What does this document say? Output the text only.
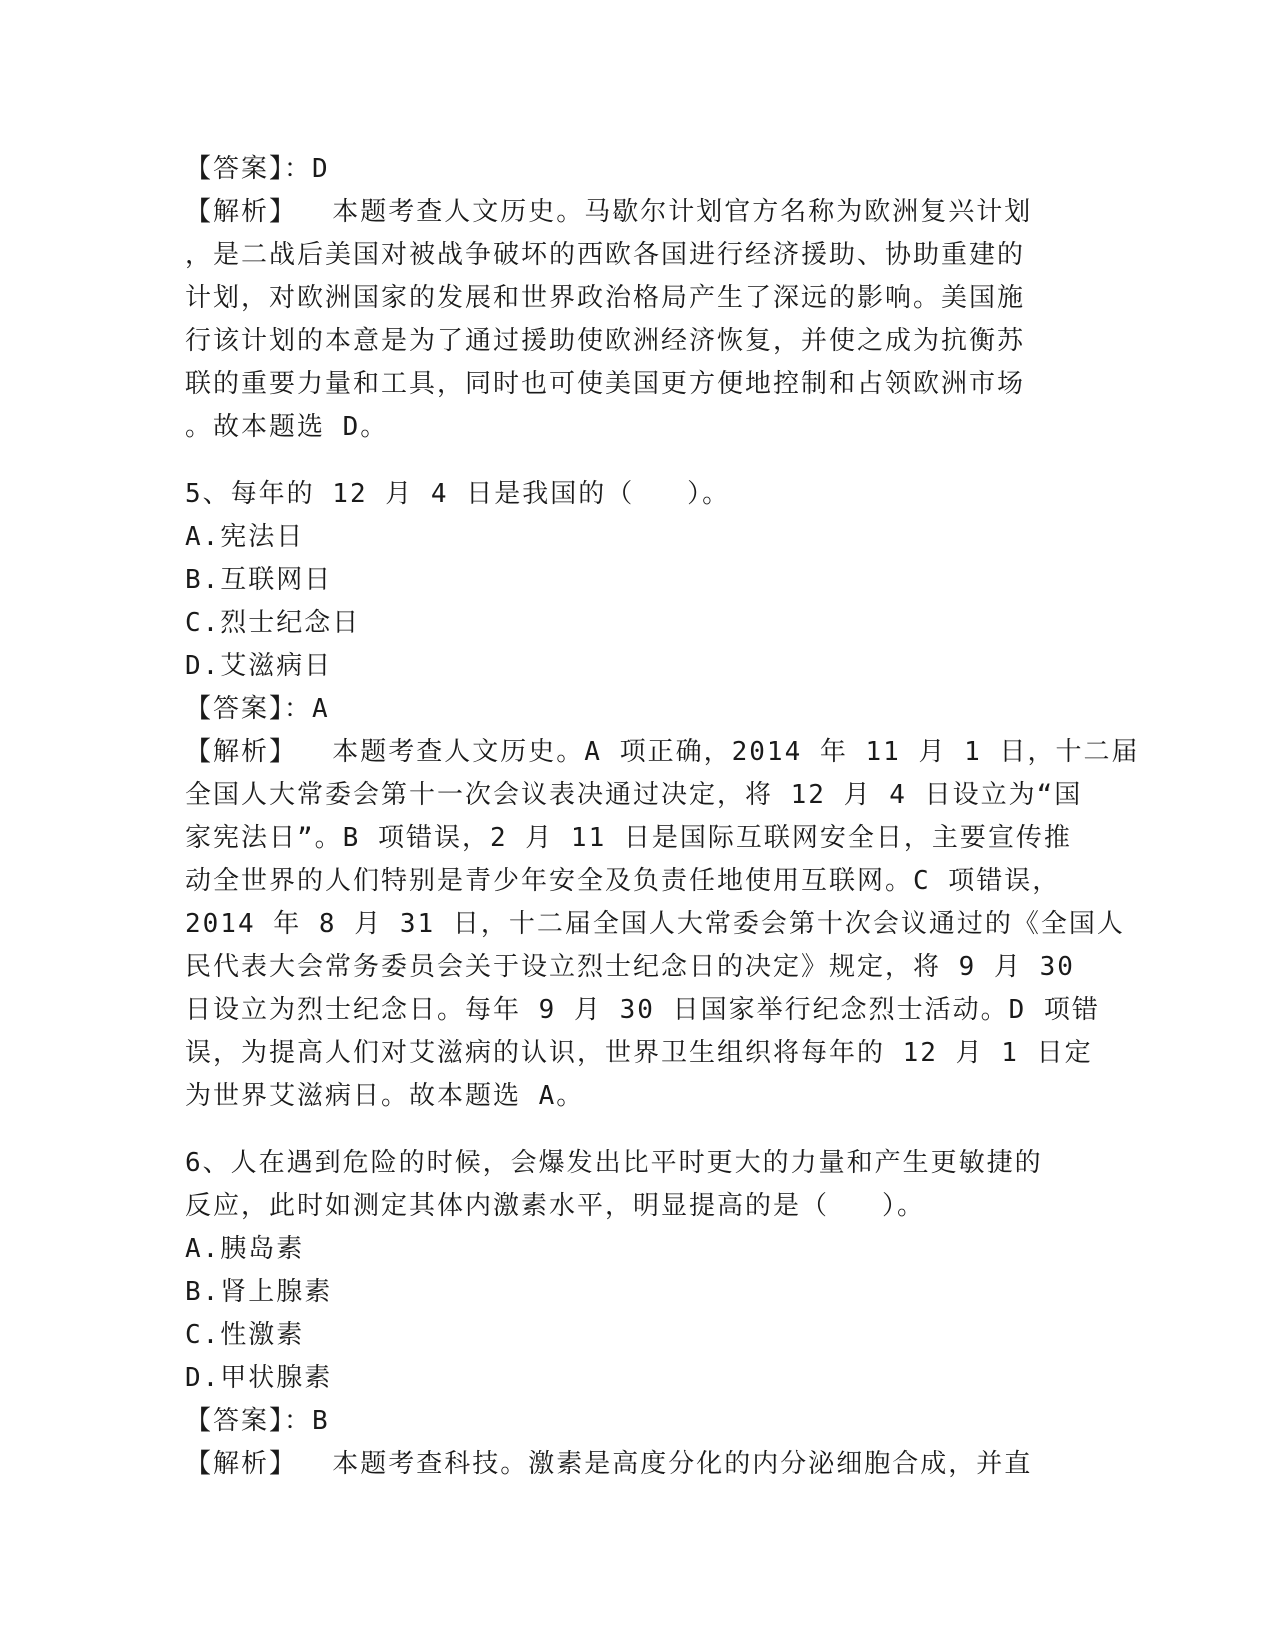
【答案】：D
【解析】  本题考查人文历史。马歇尔计划官方名称为欧洲复兴计划
，是二战后美国对被战争破坏的西欧各国进行经济援助、协助重建的
计划，对欧洲国家的发展和世界政治格局产生了深远的影响。美国施
行该计划的本意是为了通过援助使欧洲经济恢复，并使之成为抗衡苏
联的重要力量和工具，同时也可使美国更方便地控制和占领欧洲市场
。故本题选 D。
5、每年的 12 月 4 日是我国的（   ）。
A.宪法日
B.互联网日
C.烈士纪念日
D.艾滋病日
【答案】：A
【解析】  本题考查人文历史。A 项正确，2014 年 11 月 1 日，十二届
全国人大常委会第十一次会议表决通过决定，将 12 月 4 日设立为“国
家宪法日”。B 项错误，2 月 11 日是国际互联网安全日，主要宣传推
动全世界的人们特别是青少年安全及负责任地使用互联网。C 项错误，
2014 年 8 月 31 日，十二届全国人大常委会第十次会议通过的《全国人
民代表大会常务委员会关于设立烈士纪念日的决定》规定，将 9 月 30
日设立为烈士纪念日。每年 9 月 30 日国家举行纪念烈士活动。D 项错
误，为提高人们对艾滋病的认识，世界卫生组织将每年的 12 月 1 日定
为世界艾滋病日。故本题选 A。
6、人在遇到危险的时候，会爆发出比平时更大的力量和产生更敏捷的
反应，此时如测定其体内激素水平，明显提高的是（   ）。
A.胰岛素
B.肾上腺素
C.性激素
D.甲状腺素
【答案】：B
【解析】  本题考查科技。激素是高度分化的内分泌细胞合成，并直
